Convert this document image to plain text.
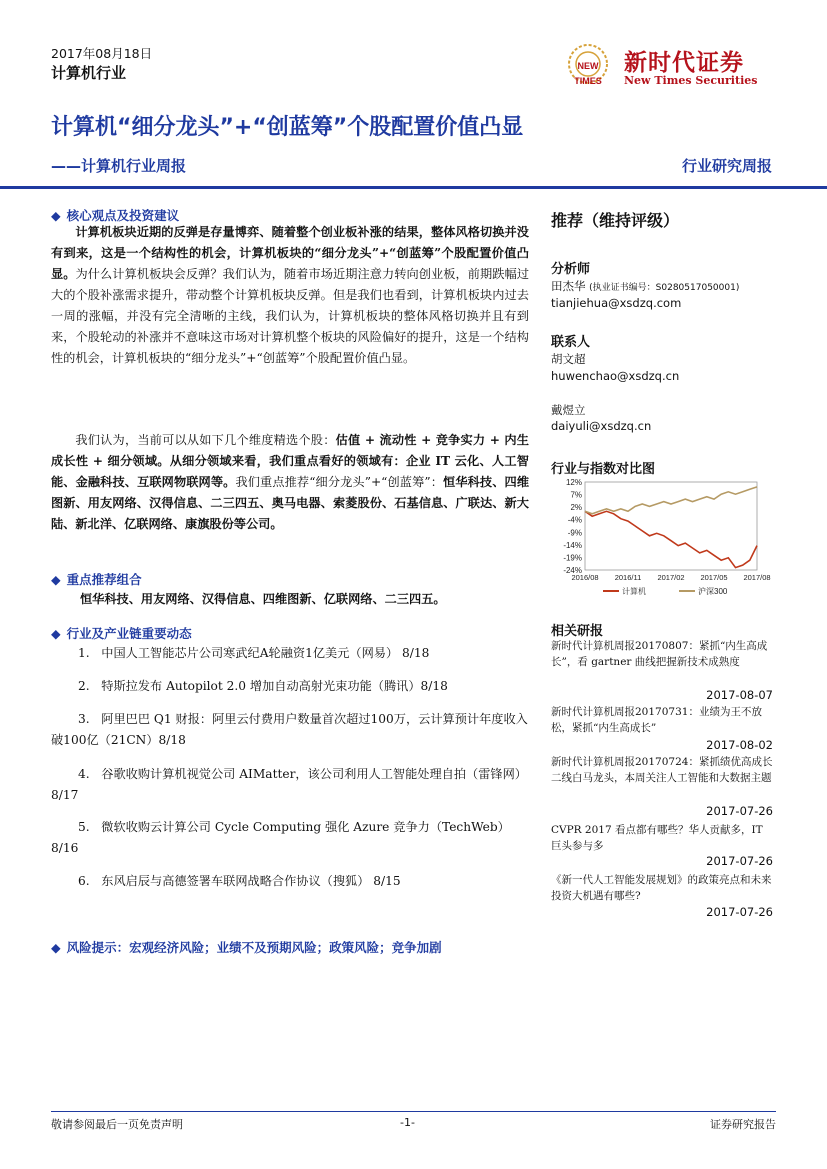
2017年08月18日
计算机行业	NEW
TIMES
新时代证券
New Times Securities
计算机“细分龙头”+“创蓝筹”个股配置价值凸显
——计算机行业周报	行业研究周报
◆ 核心观点及投资建议
计算机板块近期的反弹是存量博弈、随着整个创业板补涨的结果，整体风格切换并没有到来，这是一个结构性的机会，计算机板块的“细分龙头”+“创蓝筹”个股配置价值凸显。为什么计算机板块会反弹？我们认为，随着市场近期注意力转向创业板，前期跌幅过大的个股补涨需求提升，带动整个计算机板块反弹。但是我们也看到，计算机板块内过去一周的涨幅，并没有完全清晰的主线，我们认为，计算机板块的整体风格切换并且有到来，个股轮动的补涨并不意味这市场对计算机整个板块的风险偏好的提升，这是一个结构性的机会，计算机板块的“细分龙头”+“创蓝筹”个股配置价值凸显。
我们认为，当前可以从如下几个维度精选个股：估值 + 流动性 + 竞争实力 + 内生成长性 + 细分领域。从细分领域来看，我们重点看好的领域有：企业 IT 云化、人工智能、金融科技、互联网物联网等。我们重点推荐“细分龙头”+“创蓝筹”：恒华科技、四维图新、用友网络、汉得信息、二三四五、奥马电器、索菱股份、石基信息、广联达、新大陆、新北洋、亿联网络、康旗股份等公司。
◆ 重点推荐组合
恒华科技、用友网络、汉得信息、四维图新、亿联网络、二三四五。
◆ 行业及产业链重要动态
1. 中国人工智能芯片公司寒武纪A轮融资1亿美元（网易） 8/18
2. 特斯拉发布 Autopilot 2.0 增加自动高射光束功能（腾讯）8/18
3. 阿里巴巴 Q1 财报：阿里云付费用户数量首次超过100万，云计算预计年度收入破100亿（21CN）8/18
4. 谷歌收购计算机视觉公司 AIMatter，该公司利用人工智能处理自拍（雷锋网） 8/17
5. 微软收购云计算公司 Cycle Computing 强化 Azure 竞争力（TechWeb）8/16
6. 东风启辰与高德签署车联网战略合作协议（搜狐） 8/15
◆ 风险提示：宏观经济风险；业绩不及预期风险；政策风险；竞争加剧
推荐（维持评级）
分析师
田杰华 (执业证书编号：S0280517050001)
tianjiehua@xsdzq.com
联系人
胡文超
huwenchao@xsdzq.cn
戴煜立
daiyuli@xsdzq.cn
行业与指数对比图
12%
7%
2%
-4%
-9%
-14%
-19%
-24%
2016/08 2016/11 2017/02 2017/05 2017/08
计算机	沪深300
相关研报
新时代计算机周报20170807：紧抓“内生高成长”，看 gartner 曲线把握新技术成熟度
2017-08-07
新时代计算机周报20170731：业绩为王不放松，紧抓“内生高成长”
2017-08-02
新时代计算机周报20170724：紧抓绩优高成长二线白马龙头，本周关注人工智能和大数据主题
2017-07-26
CVPR 2017 看点都有哪些？华人贡献多，IT 巨头参与多
2017-07-26
《新一代人工智能发展规划》的政策亮点和未来投资大机遇有哪些?
2017-07-26
敬请参阅最后一页免责声明	-1-	证券研究报告
